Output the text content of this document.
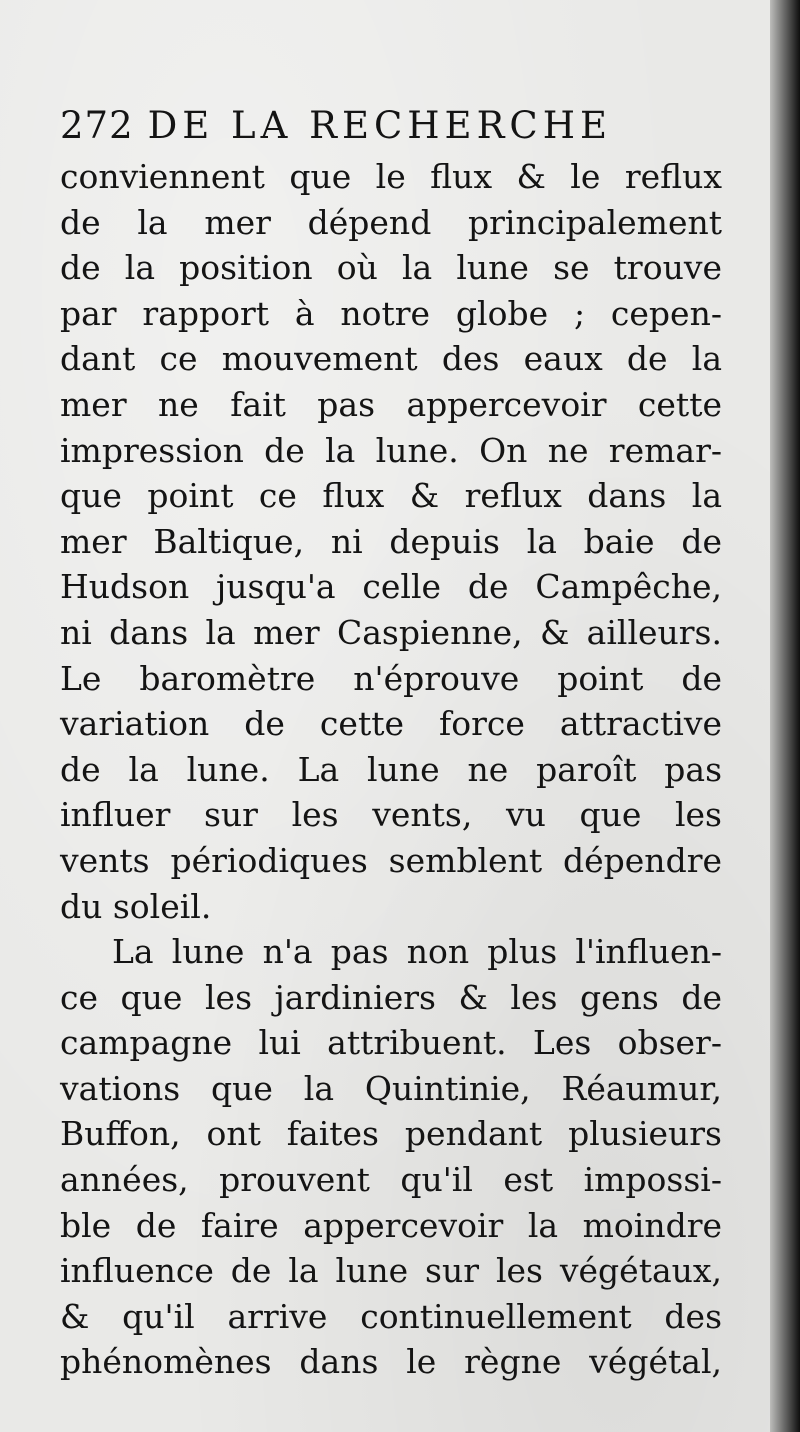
272 DE LA RECHERCHE
conviennent que le flux & le reflux
de la mer dépend principalement
de la position où la lune se trouve
par rapport à notre globe ; cepen-
dant ce mouvement des eaux de la
mer ne fait pas appercevoir cette
impression de la lune. On ne remar-
que point ce flux & reflux dans la
mer Baltique, ni depuis la baie de
Hudson jusqu'a celle de Campêche,
ni dans la mer Caspienne, & ailleurs.
Le baromètre n'éprouve point de
variation de cette force attractive
de la lune. La lune ne paroît pas
influer sur les vents, vu que les
vents périodiques semblent dépendre
du soleil.
La lune n'a pas non plus l'influen-
ce que les jardiniers & les gens de
campagne lui attribuent. Les obser-
vations que la Quintinie, Réaumur,
Buffon, ont faites pendant plusieurs
années, prouvent qu'il est impossi-
ble de faire appercevoir la moindre
influence de la lune sur les végétaux,
& qu'il arrive continuellement des
phénomènes dans le règne végétal,
